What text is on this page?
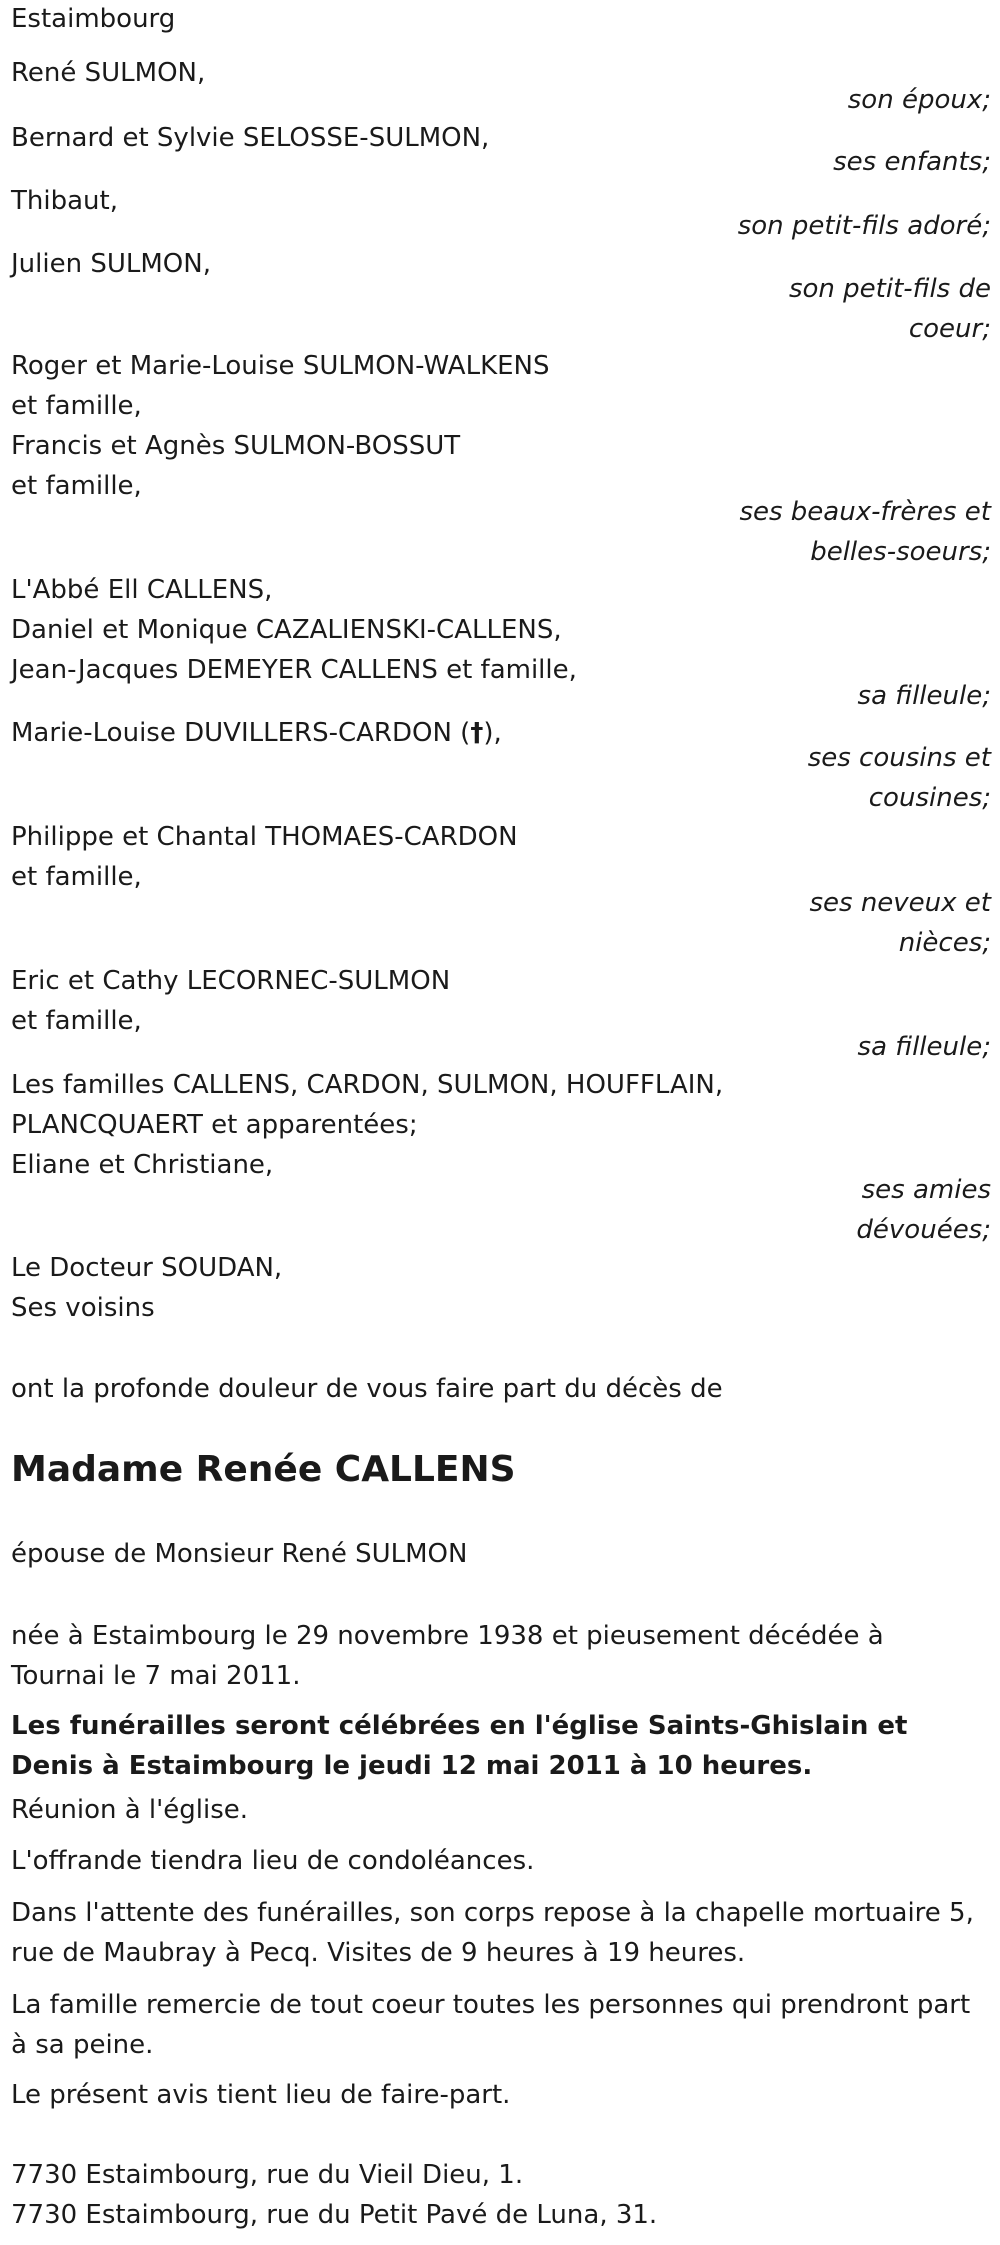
Estaimbourg
René SULMON,
son époux;
Bernard et Sylvie SELOSSE-SULMON,
ses enfants;
Thibaut,
son petit-fils adoré;
Julien SULMON,
son petit-fils de coeur;
Roger et Marie-Louise SULMON-WALKENS
et famille,
Francis et Agnès SULMON-BOSSUT
et famille,
ses beaux-frères et belles-soeurs;
L'Abbé Ell CALLENS,
Daniel et Monique CAZALIENSKI-CALLENS,
Jean-Jacques DEMEYER CALLENS et famille,
sa filleule;
Marie-Louise DUVILLERS-CARDON (†),
ses cousins et cousines;
Philippe et Chantal THOMAES-CARDON
et famille,
ses neveux et nièces;
Eric et Cathy LECORNEC-SULMON
et famille,
sa filleule;
Les familles CALLENS, CARDON, SULMON, HOUFFLAIN,
PLANCQUAERT et apparentées;
Eliane et Christiane,
ses amies dévouées;
Le Docteur SOUDAN,
Ses voisins
ont la profonde douleur de vous faire part du décès de
Madame Renée CALLENS
épouse de Monsieur René SULMON
née à Estaimbourg le 29 novembre 1938 et pieusement décédée à Tournai le 7 mai 2011.
Les funérailles seront célébrées en l'église Saints-Ghislain et Denis à Estaimbourg le jeudi 12 mai 2011 à 10 heures.
Réunion à l'église.
L'offrande tiendra lieu de condoléances.
Dans l'attente des funérailles, son corps repose à la chapelle mortuaire 5, rue de Maubray à Pecq. Visites de 9 heures à 19 heures.
La famille remercie de tout coeur toutes les personnes qui prendront part à sa peine.
Le présent avis tient lieu de faire-part.
7730 Estaimbourg, rue du Vieil Dieu, 1.
7730 Estaimbourg, rue du Petit Pavé de Luna, 31.
